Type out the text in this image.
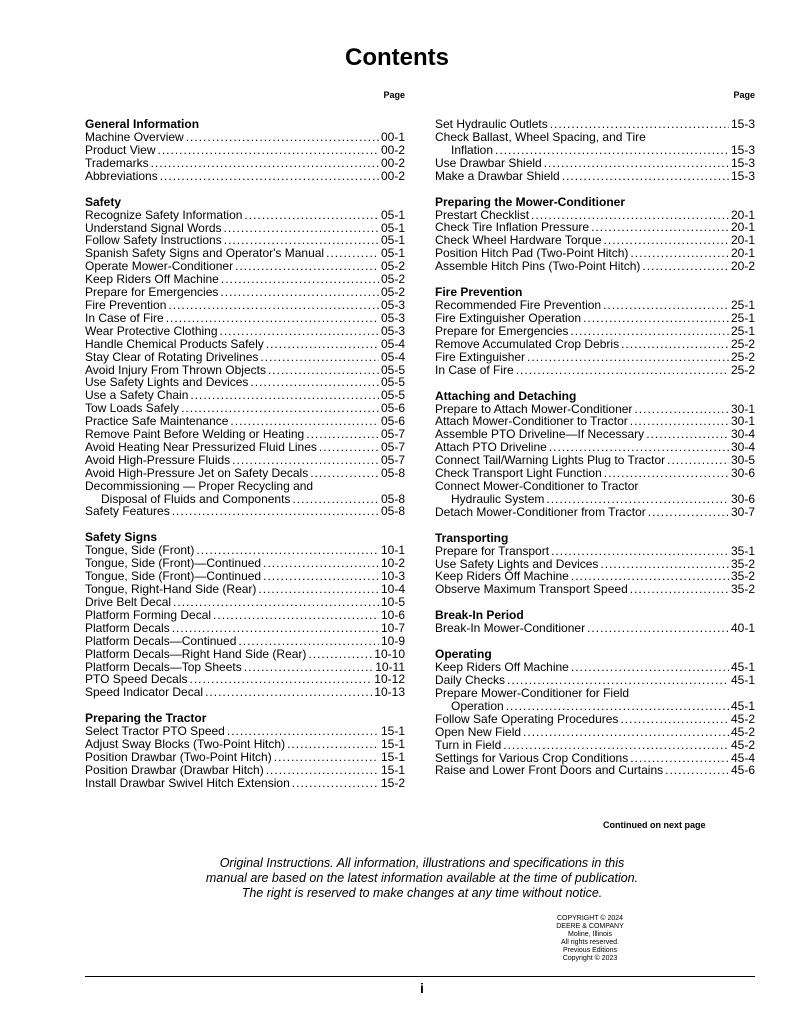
Contents
Page
General Information
Machine Overview .....	00-1
Product View .....	00-2
Trademarks .....	00-2
Abbreviations .....	00-2
Safety
Recognize Safety Information .....	05-1
Understand Signal Words .....	05-1
Follow Safety Instructions .....	05-1
Spanish Safety Signs and Operator's Manual .....	05-1
Operate Mower-Conditioner .....	05-2
Keep Riders Off Machine .....	05-2
Prepare for Emergencies .....	05-2
Fire Prevention .....	05-3
In Case of Fire .....	05-3
Wear Protective Clothing .....	05-3
Handle Chemical Products Safely .....	05-4
Stay Clear of Rotating Drivelines .....	05-4
Avoid Injury From Thrown Objects .....	05-5
Use Safety Lights and Devices .....	05-5
Use a Safety Chain .....	05-5
Tow Loads Safely .....	05-6
Practice Safe Maintenance .....	05-6
Remove Paint Before Welding or Heating .....	05-7
Avoid Heating Near Pressurized Fluid Lines .....	05-7
Avoid High-Pressure Fluids .....	05-7
Avoid High-Pressure Jet on Safety Decals .....	05-8
Decommissioning — Proper Recycling and
Disposal of Fluids and Components .....	05-8
Safety Features .....	05-8
Safety Signs
Tongue, Side (Front) .....	10-1
Tongue, Side (Front)—Continued .....	10-2
Tongue, Side (Front)—Continued .....	10-3
Tongue, Right-Hand Side (Rear) .....	10-4
Drive Belt Decal .....	10-5
Platform Forming Decal .....	10-6
Platform Decals .....	10-7
Platform Decals—Continued .....	10-9
Platform Decals—Right Hand Side (Rear) .....	10-10
Platform Decals—Top Sheets .....	10-11
PTO Speed Decals .....	10-12
Speed Indicator Decal .....	10-13
Preparing the Tractor
Select Tractor PTO Speed .....	15-1
Adjust Sway Blocks (Two-Point Hitch) .....	15-1
Position Drawbar (Two-Point Hitch) .....	15-1
Position Drawbar (Drawbar Hitch) .....	15-1
Install Drawbar Swivel Hitch Extension .....	15-2
Page
Set Hydraulic Outlets .....	15-3
Check Ballast, Wheel Spacing, and Tire
Inflation .....	15-3
Use Drawbar Shield .....	15-3
Make a Drawbar Shield .....	15-3
Preparing the Mower-Conditioner
Prestart Checklist .....	20-1
Check Tire Inflation Pressure .....	20-1
Check Wheel Hardware Torque .....	20-1
Position Hitch Pad (Two-Point Hitch) .....	20-1
Assemble Hitch Pins (Two-Point Hitch) .....	20-2
Fire Prevention
Recommended Fire Prevention .....	25-1
Fire Extinguisher Operation .....	25-1
Prepare for Emergencies .....	25-1
Remove Accumulated Crop Debris .....	25-2
Fire Extinguisher .....	25-2
In Case of Fire .....	25-2
Attaching and Detaching
Prepare to Attach Mower-Conditioner .....	30-1
Attach Mower-Conditioner to Tractor .....	30-1
Assemble PTO Driveline—If Necessary .....	30-4
Attach PTO Driveline .....	30-4
Connect Tail/Warning Lights Plug to Tractor .....	30-5
Check Transport Light Function .....	30-6
Connect Mower-Conditioner to Tractor
Hydraulic System .....	30-6
Detach Mower-Conditioner from Tractor .....	30-7
Transporting
Prepare for Transport .....	35-1
Use Safety Lights and Devices .....	35-2
Keep Riders Off Machine .....	35-2
Observe Maximum Transport Speed .....	35-2
Break-In Period
Break-In Mower-Conditioner .....	40-1
Operating
Keep Riders Off Machine .....	45-1
Daily Checks .....	45-1
Prepare Mower-Conditioner for Field
Operation .....	45-1
Follow Safe Operating Procedures .....	45-2
Open New Field .....	45-2
Turn in Field .....	45-2
Settings for Various Crop Conditions .....	45-4
Raise and Lower Front Doors and Curtains .....	45-6
Continued on next page
Original Instructions. All information, illustrations and specifications in this
manual are based on the latest information available at the time of publication.
The right is reserved to make changes at any time without notice.
COPYRIGHT © 2024
DEERE & COMPANY
Moline, Illinois
All rights reserved.
Previous Editions
Copyright © 2023
i
